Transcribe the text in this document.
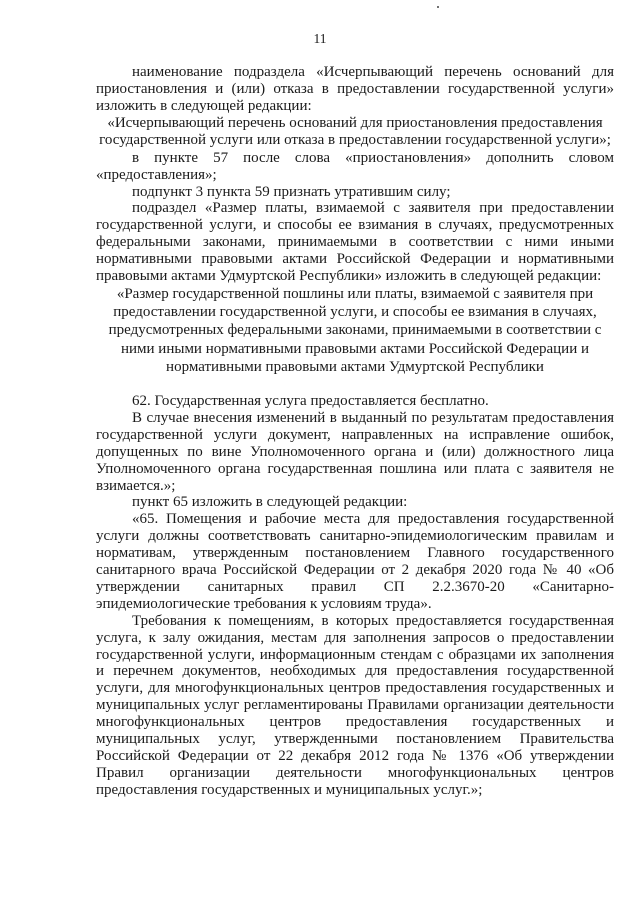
11

наименование подраздела «Исчерпывающий перечень оснований для приостановления и (или) отказа в предоставлении государственной услуги» изложить в следующей редакции:

«Исчерпывающий перечень оснований для приостановления предоставления государственной услуги или отказа в предоставлении государственной услуги»;

в пункте 57 после слова «приостановления» дополнить словом «предоставления»;

подпункт 3 пункта 59 признать утратившим силу;

подраздел «Размер платы, взимаемой с заявителя при предоставлении государственной услуги, и способы ее взимания в случаях, предусмотренных федеральными законами, принимаемыми в соответствии с ними иными нормативными правовыми актами Российской Федерации и нормативными правовыми актами Удмуртской Республики» изложить в следующей редакции:

«Размер государственной пошлины или платы, взимаемой с заявителя при предоставлении государственной услуги, и способы ее взимания в случаях, предусмотренных федеральными законами, принимаемыми в соответствии с ними иными нормативными правовыми актами Российской Федерации и нормативными правовыми актами Удмуртской Республики

62. Государственная услуга предоставляется бесплатно.

В случае внесения изменений в выданный по результатам предоставления государственной услуги документ, направленных на исправление ошибок, допущенных по вине Уполномоченного органа и (или) должностного лица Уполномоченного органа государственная пошлина или плата с заявителя не взимается.»;

пункт 65 изложить в следующей редакции:

«65. Помещения и рабочие места для предоставления государственной услуги должны соответствовать санитарно-эпидемиологическим правилам и нормативам, утвержденным постановлением Главного государственного санитарного врача Российской Федерации от 2 декабря 2020 года № 40 «Об утверждении санитарных правил СП 2.2.3670-20 «Санитарно-эпидемиологические требования к условиям труда».

Требования к помещениям, в которых предоставляется государственная услуга, к залу ожидания, местам для заполнения запросов о предоставлении государственной услуги, информационным стендам с образцами их заполнения и перечнем документов, необходимых для предоставления государственной услуги, для многофункциональных центров предоставления государственных и муниципальных услуг регламентированы Правилами организации деятельности многофункциональных центров предоставления государственных и муниципальных услуг, утвержденными постановлением Правительства Российской Федерации от 22 декабря 2012 года № 1376 «Об утверждении Правил организации деятельности многофункциональных центров предоставления государственных и муниципальных услуг.»;
